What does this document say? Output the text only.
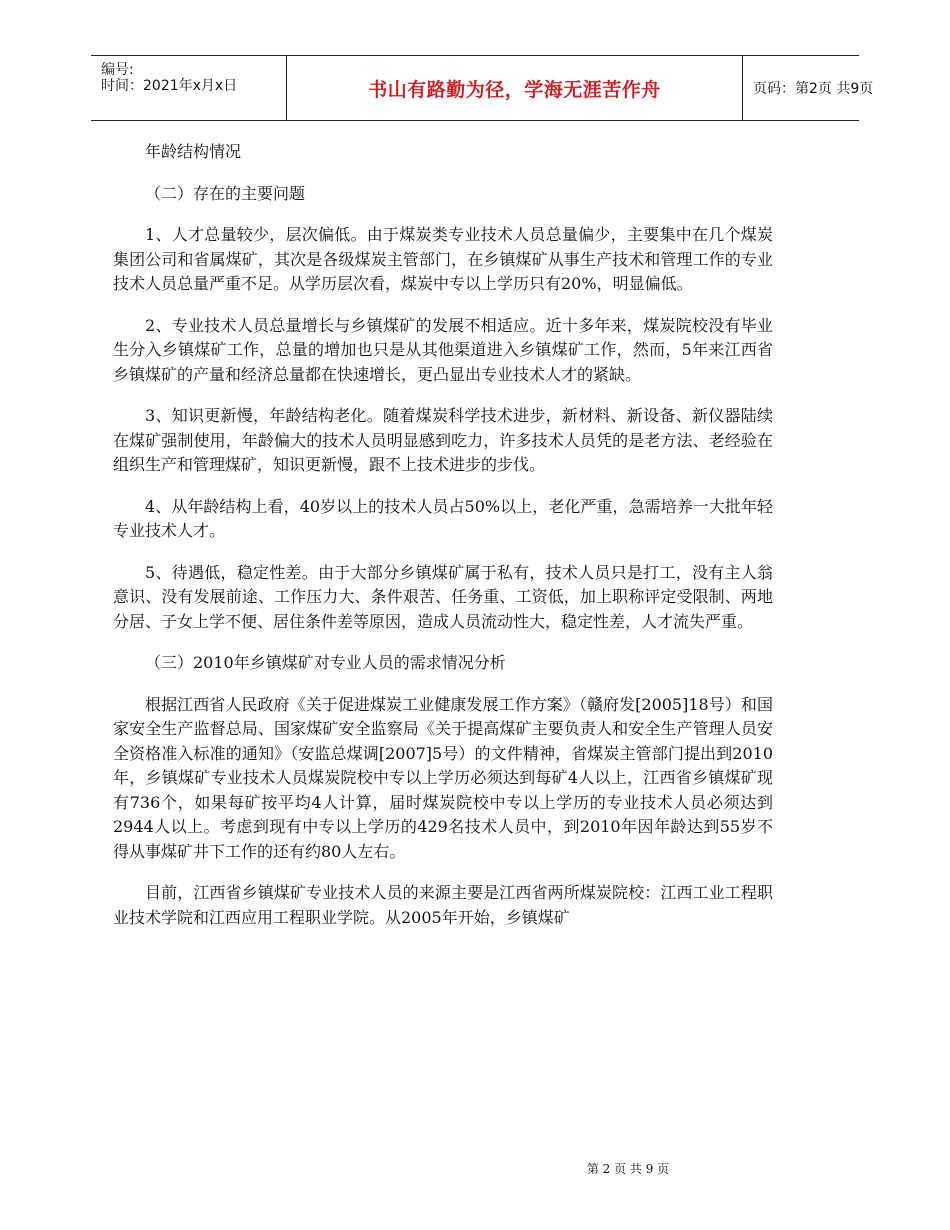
编号:
时间：2021年x月x日	书山有路勤为径，学海无涯苦作舟	页码：第2页 共9页

年龄结构情况

（二）存在的主要问题

1、人才总量较少，层次偏低。由于煤炭类专业技术人员总量偏少，主要集中在几个煤炭集团公司和省属煤矿，其次是各级煤炭主管部门，在乡镇煤矿从事生产技术和管理工作的专业技术人员总量严重不足。从学历层次看，煤炭中专以上学历只有20%，明显偏低。

2、专业技术人员总量增长与乡镇煤矿的发展不相适应。近十多年来，煤炭院校没有毕业生分入乡镇煤矿工作，总量的增加也只是从其他渠道进入乡镇煤矿工作，然而，5年来江西省乡镇煤矿的产量和经济总量都在快速增长，更凸显出专业技术人才的紧缺。

3、知识更新慢，年龄结构老化。随着煤炭科学技术进步，新材料、新设备、新仪器陆续在煤矿强制使用，年龄偏大的技术人员明显感到吃力，许多技术人员凭的是老方法、老经验在组织生产和管理煤矿，知识更新慢，跟不上技术进步的步伐。

4、从年龄结构上看，40岁以上的技术人员占50%以上，老化严重，急需培养一大批年轻专业技术人才。

5、待遇低，稳定性差。由于大部分乡镇煤矿属于私有，技术人员只是打工，没有主人翁意识、没有发展前途、工作压力大、条件艰苦、任务重、工资低，加上职称评定受限制、两地分居、子女上学不便、居住条件差等原因，造成人员流动性大，稳定性差，人才流失严重。

（三）2010年乡镇煤矿对专业人员的需求情况分析

根据江西省人民政府《关于促进煤炭工业健康发展工作方案》（赣府发[2005]18号）和国家安全生产监督总局、国家煤矿安全监察局《关于提高煤矿主要负责人和安全生产管理人员安全资格准入标准的通知》（安监总煤调[2007]5号）的文件精神，省煤炭主管部门提出到2010年，乡镇煤矿专业技术人员煤炭院校中专以上学历必须达到每矿4人以上，江西省乡镇煤矿现有736个，如果每矿按平均4人计算，届时煤炭院校中专以上学历的专业技术人员必须达到2944人以上。考虑到现有中专以上学历的429名技术人员中，到2010年因年龄达到55岁不得从事煤矿井下工作的还有约80人左右。

目前，江西省乡镇煤矿专业技术人员的来源主要是江西省两所煤炭院校：江西工业工程职业技术学院和江西应用工程职业学院。从2005年开始，乡镇煤矿

第 2 页 共 9 页
